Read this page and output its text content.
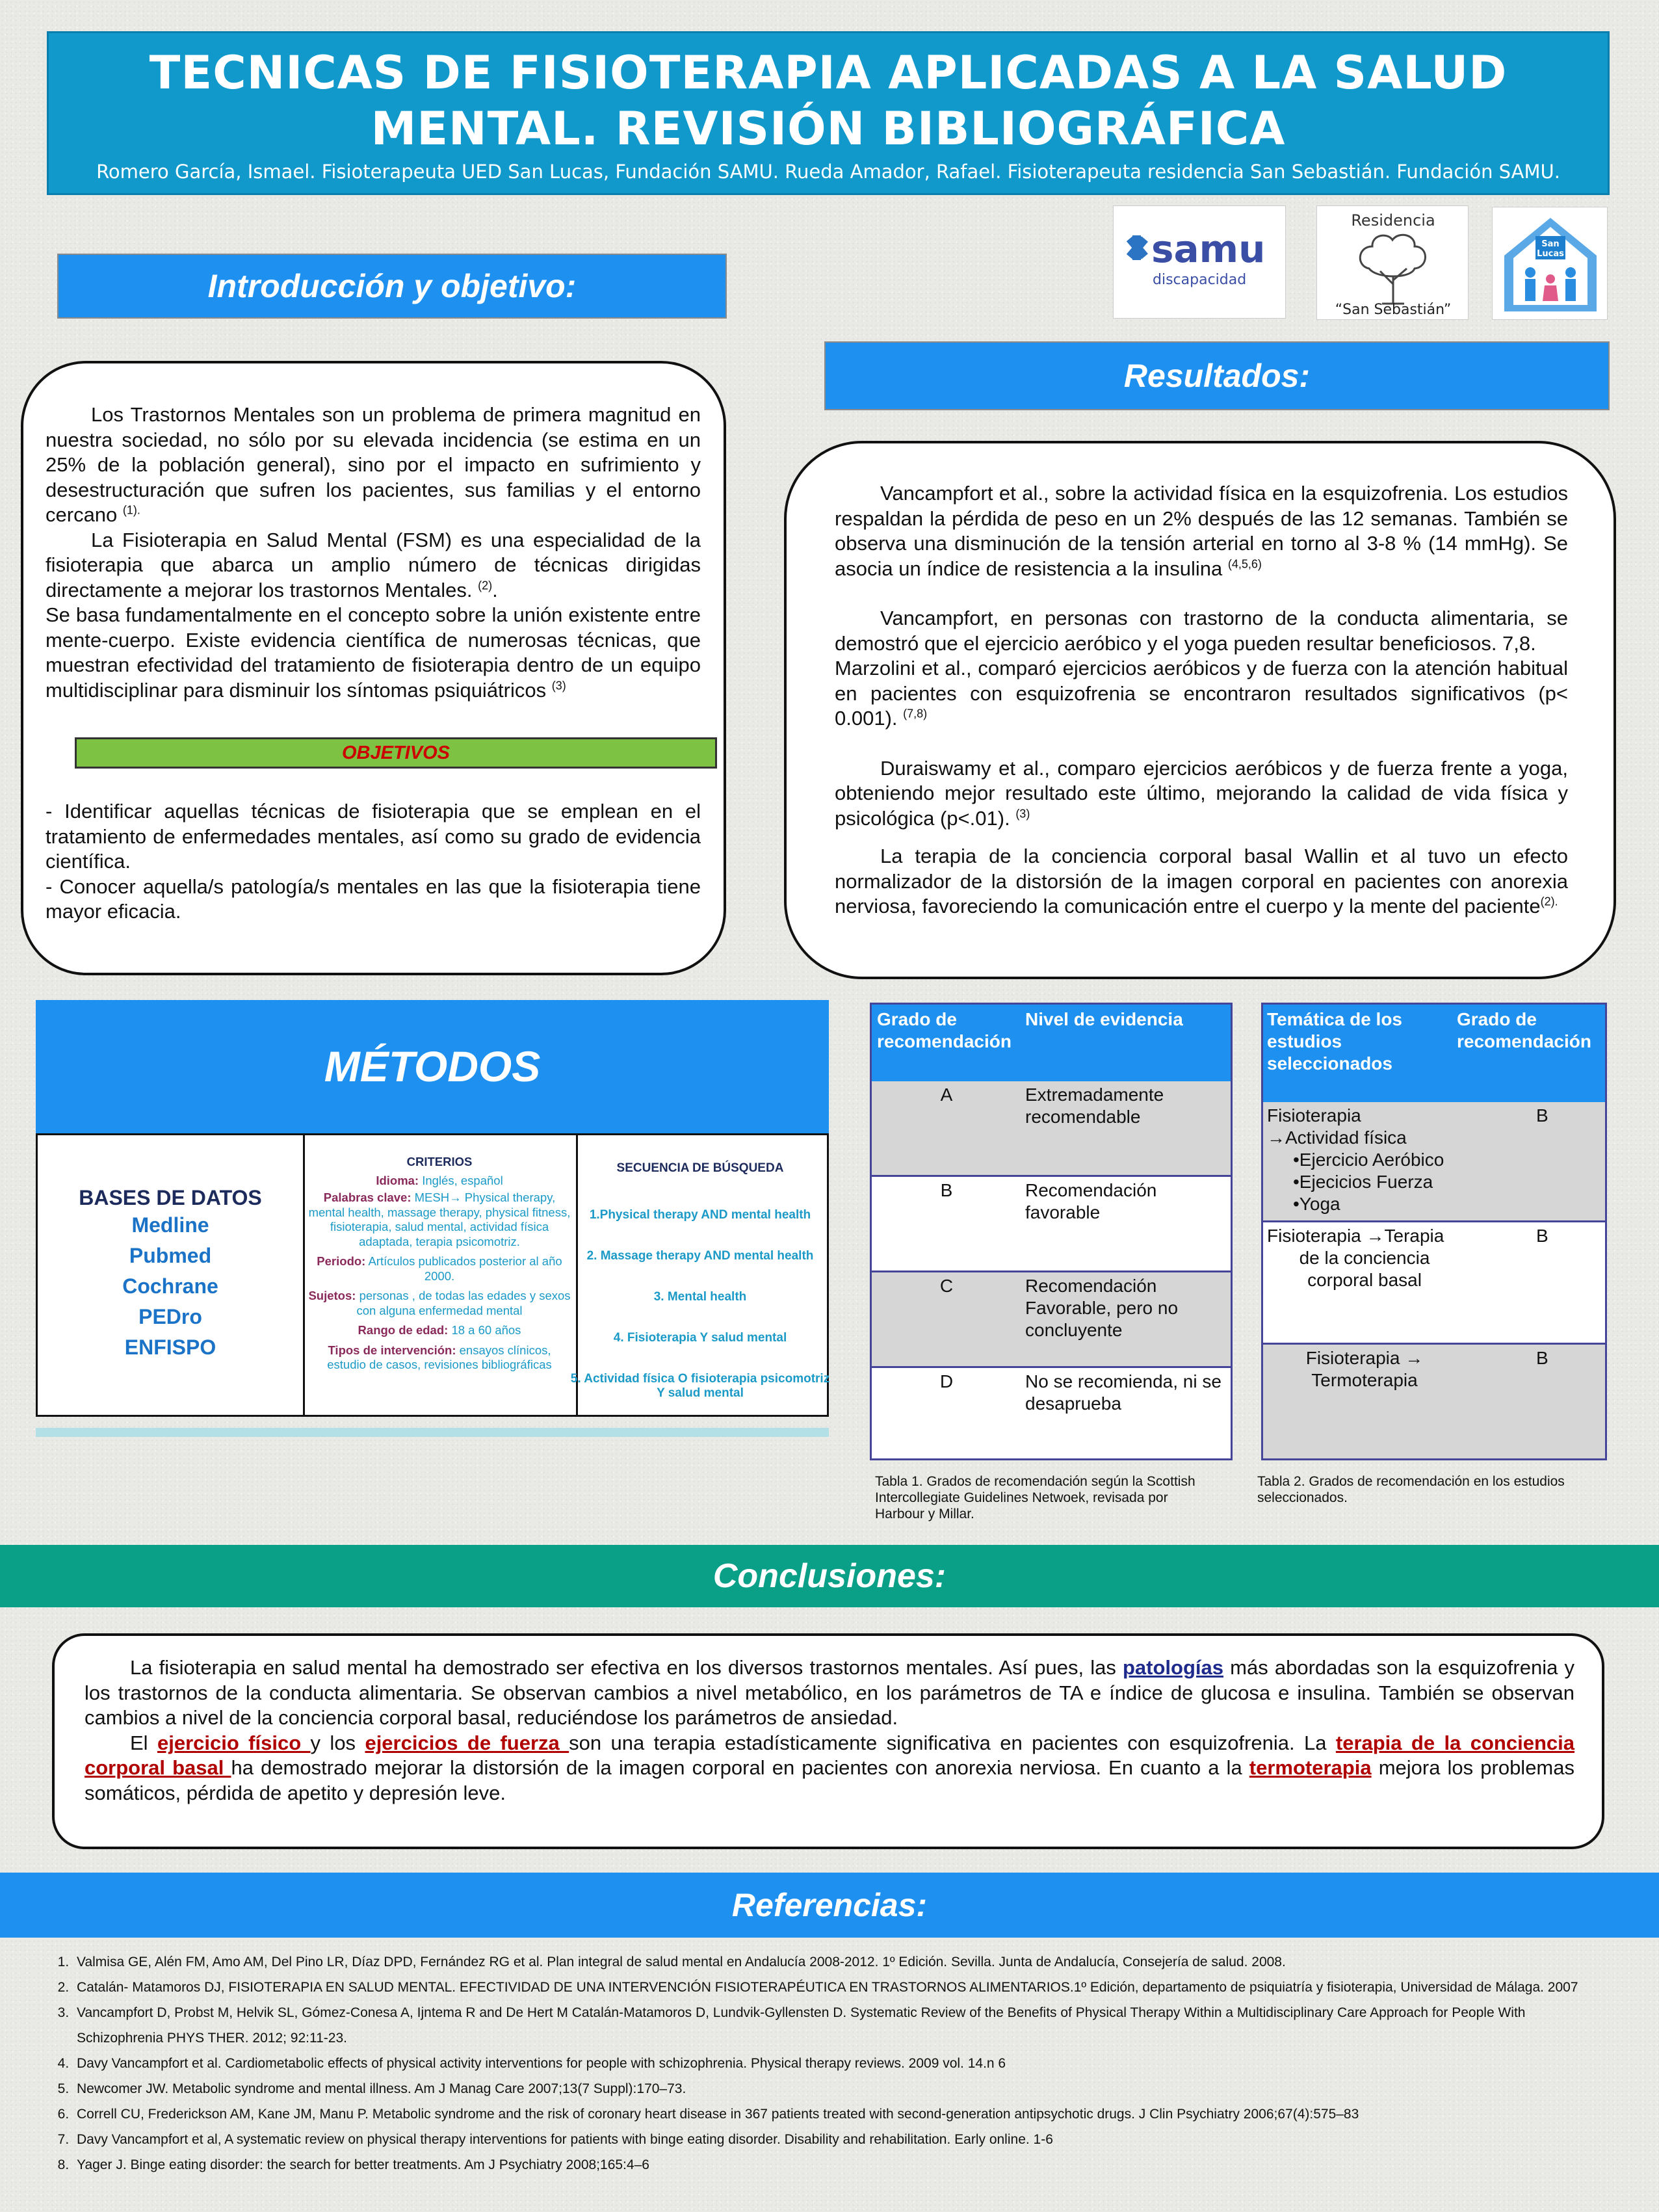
TECNICAS DE FISIOTERAPIA APLICADAS A LA SALUD
MENTAL. REVISIÓN BIBLIOGRÁFICA
Romero García, Ismael. Fisioterapeuta UED San Lucas, Fundación SAMU. Rueda Amador, Rafael. Fisioterapeuta residencia San Sebastián. Fundación SAMU.
samu
discapacidad
Residencia
“San Sebastián”
San
Lucas
Introducción y objetivo:

Los Trastornos Mentales son un problema de primera magnitud en nuestra sociedad, no sólo por su elevada incidencia (se estima en un 25% de la población general), sino por el impacto en sufrimiento y desestructuración que sufren los pacientes, sus familias y el entorno cercano $^{(1).}$

La Fisioterapia en Salud Mental (FSM) es una especialidad de la fisioterapia que abarca un amplio número de técnicas dirigidas directamente a mejorar los trastornos Mentales. $^{(2)}$.

Se basa fundamentalmente en el concepto sobre la unión existente entre mente-cuerpo. Existe evidencia científica de numerosas técnicas, que muestran efectividad del tratamiento de fisioterapia dentro de un equipo multidisciplinar para disminuir los síntomas psiquiátricos $^{(3)}$

- Identificar aquellas técnicas de fisioterapia que se emplean en el tratamiento de enfermedades mentales, así como su grado de evidencia científica.

- Conocer aquella/s patología/s mentales en las que la fisioterapia tiene mayor eficacia.

OBJETIVOS
Resultados:

Vancampfort et al., sobre la actividad física en la esquizofrenia. Los estudios respaldan la pérdida de peso en un 2% después de las 12 semanas. También se observa una disminución de la tensión arterial en torno al 3-8 % (14 mmHg). Se asocia un índice de resistencia a la insulina $^{(4,5,6)}$

Vancampfort, en personas con trastorno de la conducta alimentaria, se demostró que el ejercicio aeróbico y el yoga pueden resultar beneficiosos. 7,8.

Marzolini et al., comparó ejercicios aeróbicos y de fuerza con la atención habitual en pacientes con esquizofrenia se encontraron resultados significativos (p< 0.001). $^{(7,8)}$

Duraiswamy et al., comparo ejercicios aeróbicos y de fuerza frente a yoga, obteniendo mejor resultado este último, mejorando la calidad de vida física y psicológica (p<.01). $^{(3)}$

La terapia de la conciencia corporal basal Wallin et al tuvo un efecto normalizador de la distorsión de la imagen corporal en pacientes con anorexia nerviosa, favoreciendo la comunicación entre el cuerpo y la mente del paciente$^{(2).}$

MÉTODOS
BASES DE DATOS
Medline
Pubmed
Cochrane
PEDro
ENFISPO
CRITERIOS
Idioma: Inglés, español
Palabras clave: MESH→ Physical therapy, mental health, massage therapy, physical fitness, fisioterapia, salud mental, actividad física adaptada, terapia psicomotriz.
Periodo: Artículos publicados posterior al año 2000.
Sujetos: personas , de todas las edades y sexos con alguna enfermedad mental
Rango de edad: 18 a 60 años
Tipos de intervención: ensayos clínicos, estudio de casos, revisiones bibliográficas
SECUENCIA DE BÚSQUEDA
1.Physical therapy AND mental health
2. Massage therapy AND mental health
3. Mental health
4. Fisioterapia Y salud mental
5. Actividad física O fisioterapia psicomotriz Y salud mental
Grado de recomendación
Nivel de evidencia
A	Extremadamente recomendable
B	Recomendación favorable
C	Recomendación Favorable, pero no concluyente
D	No se recomienda, ni se desaprueba
Tabla 1. Grados de recomendación según la Scottish Intercollegiate Guidelines Netwoek, revisada por Harbour y Millar.
Temática de los estudios seleccionados
Grado de recomendación
Fisioterapia
→Actividad física
•Ejercicio Aeróbico
•Ejecicios Fuerza
•Yoga
B
Fisioterapia →Terapia
de la conciencia
corporal basal
B
Fisioterapia →
Termoterapia
B
Tabla 2. Grados de recomendación en los estudios seleccionados.
Conclusiones:

La fisioterapia en salud mental ha demostrado ser efectiva en los diversos trastornos mentales. Así pues, las patologías más abordadas son la esquizofrenia y los trastornos de la conducta alimentaria. Se observan cambios a nivel metabólico, en los parámetros de TA e índice de glucosa e insulina. También se observan cambios a nivel de la conciencia corporal basal, reduciéndose los parámetros de ansiedad.

El ejercicio físico y los ejercicios de fuerza son una terapia estadísticamente significativa en pacientes con esquizofrenia. La terapia de la conciencia corporal basal ha demostrado mejorar la distorsión de la imagen corporal en pacientes con anorexia nerviosa. En cuanto a la termoterapia mejora los problemas somáticos, pérdida de apetito y depresión leve.

Referencias:
1. Valmisa GE, Alén FM, Amo AM, Del Pino LR, Díaz DPD, Fernández RG et al. Plan integral de salud mental en Andalucía 2008-2012. 1º Edición. Sevilla. Junta de Andalucía, Consejería de salud. 2008.
2. Catalán- Matamoros DJ, FISIOTERAPIA EN SALUD MENTAL. EFECTIVIDAD DE UNA INTERVENCIÓN FISIOTERAPÉUTICA EN TRASTORNOS ALIMENTARIOS.1º Edición, departamento de psiquiatría y fisioterapia, Universidad de Málaga. 2007
3. Vancampfort D, Probst M, Helvik SL, Gómez-Conesa A, Ijntema R and De Hert M Catalán-Matamoros D, Lundvik-Gyllensten D. Systematic Review of the Benefits of Physical Therapy Within a Multidisciplinary Care Approach for People With Schizophrenia PHYS THER. 2012; 92:11-23.
4. Davy Vancampfort et al. Cardiometabolic effects of physical activity interventions for people with schizophrenia. Physical therapy reviews. 2009 vol. 14.n 6
5. Newcomer JW. Metabolic syndrome and mental illness. Am J Manag Care 2007;13(7 Suppl):170–73.
6. Correll CU, Frederickson AM, Kane JM, Manu P. Metabolic syndrome and the risk of coronary heart disease in 367 patients treated with second-generation antipsychotic drugs. J Clin Psychiatry 2006;67(4):575–83
7. Davy Vancampfort et al, A systematic review on physical therapy interventions for patients with binge eating disorder. Disability and rehabilitation. Early online. 1-6
8. Yager J. Binge eating disorder: the search for better treatments. Am J Psychiatry 2008;165:4–6
